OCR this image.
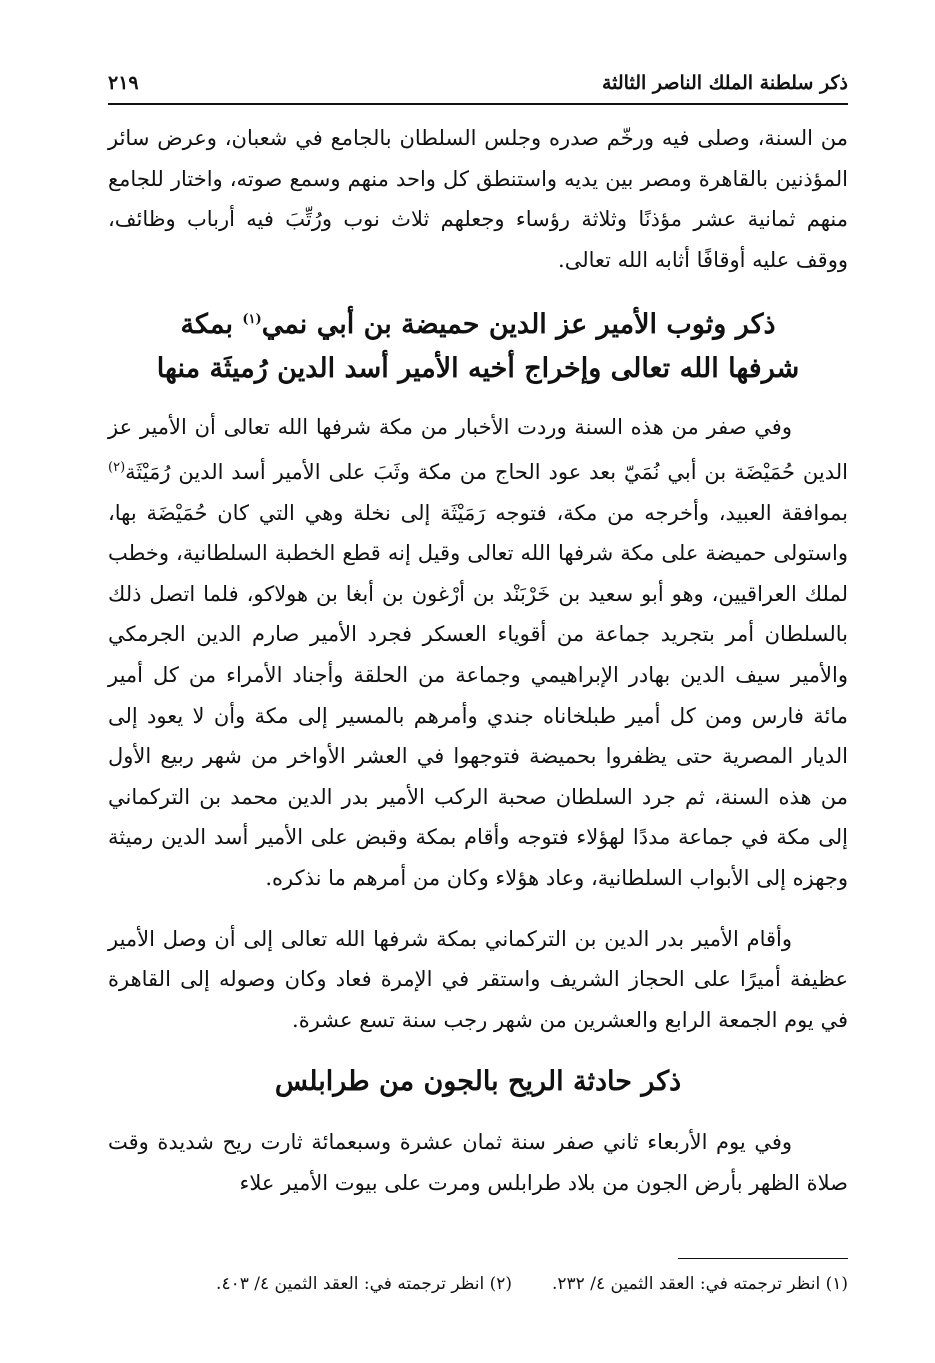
ذكر سلطنة الملك الناصر الثالثة
٢١٩

من السنة، وصلى فيه ورخّم صدره وجلس السلطان بالجامع في شعبان، وعرض سائر المؤذنين بالقاهرة ومصر بين يديه واستنطق كل واحد منهم وسمع صوته، واختار للجامع منهم ثمانية عشر مؤذنًا وثلاثة رؤساء وجعلهم ثلاث نوب ورُتِّبَ فيه أرباب وظائف، ووقف عليه أوقافًا أثابه الله تعالى.

ذكر وثوب الأمير عز الدين حميضة بن أبي نمي$^{(١)}$ بمكة
شرفها الله تعالى وإخراج أخيه الأمير أسد الدين رُميثَة منها

وفي صفر من هذه السنة وردت الأخبار من مكة شرفها الله تعالى أن الأمير عز الدين حُمَيْضَة بن أبي نُمَيّ بعد عود الحاج من مكة وثَبَ على الأمير أسد الدين رُمَيْثَة$^{(٢)}$ بموافقة العبيد، وأخرجه من مكة، فتوجه رَمَيْثَة إلى نخلة وهي التي كان حُمَيْضَة بها، واستولى حميضة على مكة شرفها الله تعالى وقيل إنه قطع الخطبة السلطانية، وخطب لملك العراقيين، وهو أبو سعيد بن خَرْبَنْد بن أرْغون بن أبغا بن هولاكو، فلما اتصل ذلك بالسلطان أمر بتجريد جماعة من أقوياء العسكر فجرد الأمير صارم الدين الجرمكي والأمير سيف الدين بهادر الإبراهيمي وجماعة من الحلقة وأجناد الأمراء من كل أمير مائة فارس ومن كل أمير طبلخاناه جندي وأمرهم بالمسير إلى مكة وأن لا يعود إلى الديار المصرية حتى يظفروا بحميضة فتوجهوا في العشر الأواخر من شهر ربيع الأول من هذه السنة، ثم جرد السلطان صحبة الركب الأمير بدر الدين محمد بن التركماني إلى مكة في جماعة مددًا لهؤلاء فتوجه وأقام بمكة وقبض على الأمير أسد الدين رميثة وجهزه إلى الأبواب السلطانية، وعاد هؤلاء وكان من أمرهم ما نذكره.

وأقام الأمير بدر الدين بن التركماني بمكة شرفها الله تعالى إلى أن وصل الأمير عظيفة أميرًا على الحجاز الشريف واستقر في الإمرة فعاد وكان وصوله إلى القاهرة في يوم الجمعة الرابع والعشرين من شهر رجب سنة تسع عشرة.

ذكر حادثة الريح بالجون من طرابلس

وفي يوم الأربعاء ثاني صفر سنة ثمان عشرة وسبعمائة ثارت ريح شديدة وقت صلاة الظهر بأرض الجون من بلاد طرابلس ومرت على بيوت الأمير علاء

(١) انظر ترجمته في: العقد الثمين ٤/ ٢٣٢.
(٢) انظر ترجمته في: العقد الثمين ٤/ ٤٠٣.
